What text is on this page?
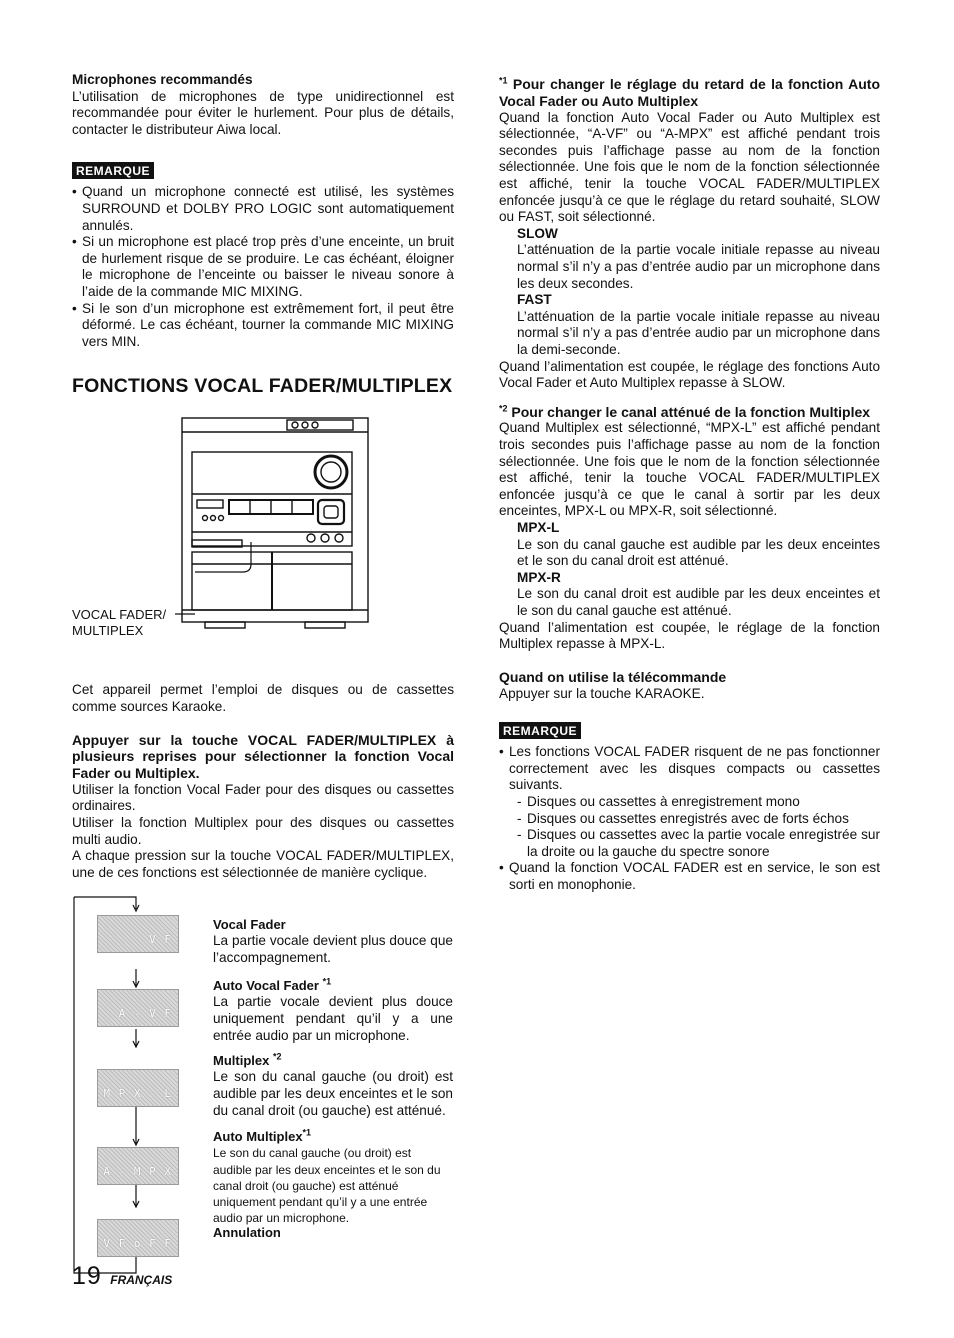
Microphones recommandés

L’utilisation de microphones de type unidirectionnel est recommandée pour éviter le hurlement. Pour plus de détails, contacter le distributeur Aiwa local.

REMARQUE
• Quand un microphone connecté est utilisé, les systèmes SURROUND et DOLBY PRO LOGIC sont automatiquement annulés.
• Si un microphone est placé trop près d’une enceinte, un bruit de hurlement risque de se produire. Le cas échéant, éloigner le microphone de l’enceinte ou baisser le niveau sonore à l’aide de la commande MIC MIXING.
• Si le son d’un microphone est extrêmement fort, il peut être déformé. Le cas échéant, tourner la commande MIC MIXING vers MIN.
FONCTIONS VOCAL FADER/MULTIPLEX
VOCAL FADER/
MULTIPLEX

Cet appareil permet l’emploi de disques ou de cassettes comme sources Karaoke.

Appuyer sur la touche VOCAL FADER/MULTIPLEX à plusieurs reprises pour sélectionner la fonction Vocal Fader ou Multiplex.

Utiliser la fonction Vocal Fader pour des disques ou cassettes ordinaires.

Utiliser la fonction Multiplex pour des disques ou cassettes multi audio.

A chaque pression sur la touche VOCAL FADER/MULTIPLEX, une de ces fonctions est sélectionnée de manière cyclique.

V F
A - V F
M P X - L
A - M P X
V F o F F

Vocal Fader

La partie vocale devient plus douce que l’accompagnement.

Auto Vocal Fader $^{*1}$

La partie vocale devient plus douce uniquement pendant qu’il y a une entrée audio par un microphone.

Multiplex $^{*2}$

Le son du canal gauche (ou droit) est audible par les deux enceintes et le son du canal droit (ou gauche) est atténué.

Auto Multiplex$^{*1}$

Le son du canal gauche (ou droit) est audible par les deux enceintes et le son du canal droit (ou gauche) est atténué uniquement pendant qu’il y a une entrée audio par un microphone.

Annulation

$^{*1}$ Pour changer le réglage du retard de la fonction Auto Vocal Fader ou Auto Multiplex

Quand la fonction Auto Vocal Fader ou Auto Multiplex est sélectionnée, “A-VF” ou “A-MPX” est affiché pendant trois secondes puis l’affichage passe au nom de la fonction sélectionnée. Une fois que le nom de la fonction sélectionnée est affiché, tenir la touche VOCAL FADER/MULTIPLEX enfoncée jusqu’à ce que le réglage du retard souhaité, SLOW ou FAST, soit sélectionné.

SLOW

L’atténuation de la partie vocale initiale repasse au niveau normal s’il n’y a pas d’entrée audio par un microphone dans les deux secondes.

FAST

L’atténuation de la partie vocale initiale repasse au niveau normal s’il n’y a pas d’entrée audio par un microphone dans la demi-seconde.

Quand l’alimentation est coupée, le réglage des fonctions Auto Vocal Fader et Auto Multiplex repasse à SLOW.

$^{*2}$ Pour changer le canal atténué de la fonction Multiplex

Quand Multiplex est sélectionné, “MPX-L” est affiché pendant trois secondes puis l’affichage passe au nom de la fonction sélectionnée. Une fois que le nom de la fonction sélectionnée est affiché, tenir la touche VOCAL FADER/MULTIPLEX enfoncée jusqu’à ce que le canal à sortir par les deux enceintes, MPX-L ou MPX-R, soit sélectionné.

MPX-L

Le son du canal gauche est audible par les deux enceintes et le son du canal droit est atténué.

MPX-R

Le son du canal droit est audible par les deux enceintes et le son du canal gauche est atténué.

Quand l’alimentation est coupée, le réglage de la fonction Multiplex repasse à MPX-L.

Quand on utilise la télécommande

Appuyer sur la touche KARAOKE.

REMARQUE
• Les fonctions VOCAL FADER risquent de ne pas fonctionner correctement avec les disques compacts ou cassettes suivants.
- Disques ou cassettes à enregistrement mono
- Disques ou cassettes enregistrés avec de forts échos
- Disques ou cassettes avec la partie vocale enregistrée sur la droite ou la gauche du spectre sonore
• Quand la fonction VOCAL FADER est en service, le son est sorti en monophonie.
19 FRANÇAIS
